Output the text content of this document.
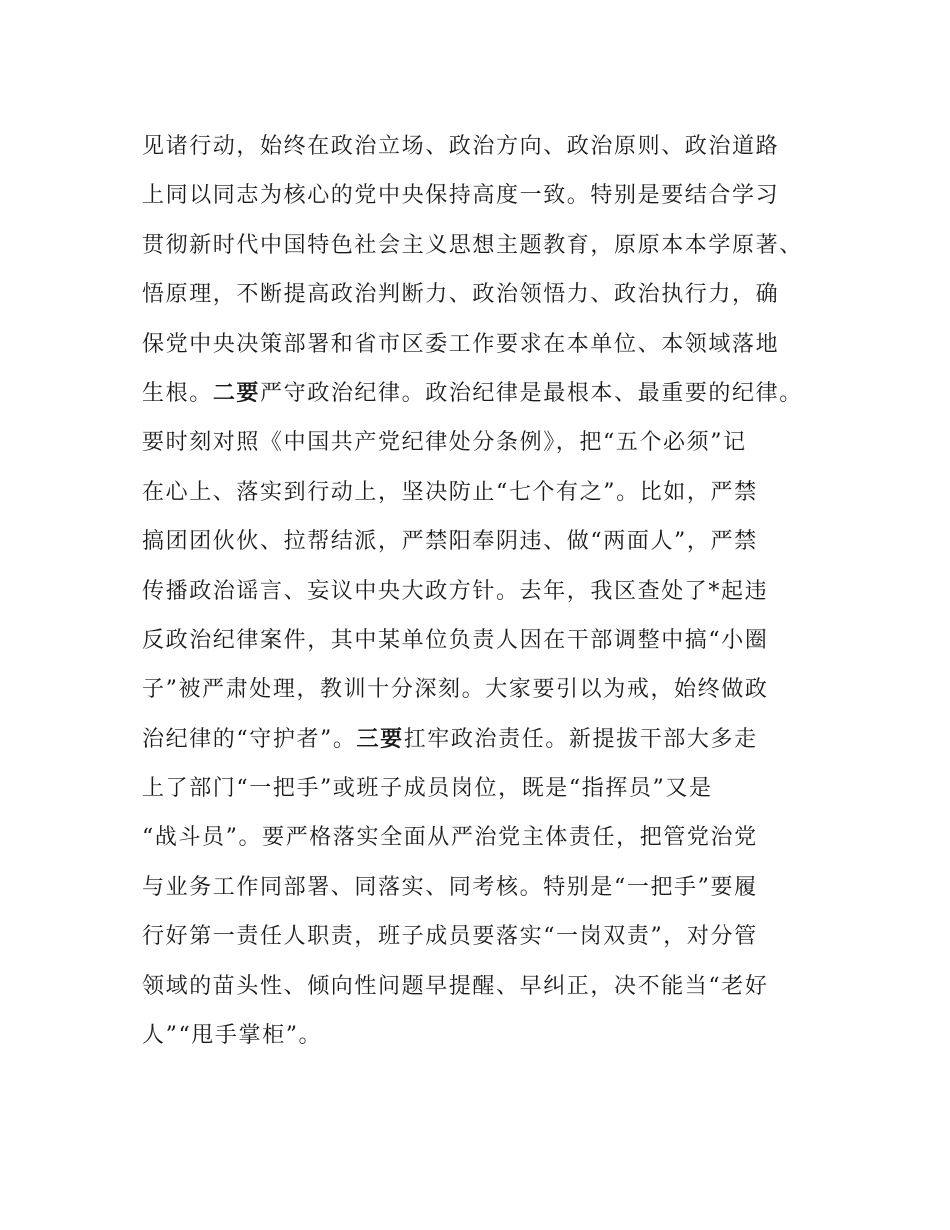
见诸行动，始终在政治立场、政治方向、政治原则、政治道路
上同以同志为核心的党中央保持高度一致。特别是要结合学习
贯彻新时代中国特色社会主义思想主题教育，原原本本学原著、
悟原理，不断提高政治判断力、政治领悟力、政治执行力，确
保党中央决策部署和省市区委工作要求在本单位、本领域落地
生根。二要严守政治纪律。政治纪律是最根本、最重要的纪律。
要时刻对照《中国共产党纪律处分条例》，把“五个必须”记
在心上、落实到行动上，坚决防止“七个有之”。比如，严禁
搞团团伙伙、拉帮结派，严禁阳奉阴违、做“两面人”，严禁
传播政治谣言、妄议中央大政方针。去年，我区查处了*起违
反政治纪律案件，其中某单位负责人因在干部调整中搞“小圈
子”被严肃处理，教训十分深刻。大家要引以为戒，始终做政
治纪律的“守护者”。三要扛牢政治责任。新提拔干部大多走
上了部门“一把手”或班子成员岗位，既是“指挥员”又是
“战斗员”。要严格落实全面从严治党主体责任，把管党治党
与业务工作同部署、同落实、同考核。特别是“一把手”要履
行好第一责任人职责，班子成员要落实“一岗双责”，对分管
领域的苗头性、倾向性问题早提醒、早纠正，决不能当“老好
人”“甩手掌柜”。
